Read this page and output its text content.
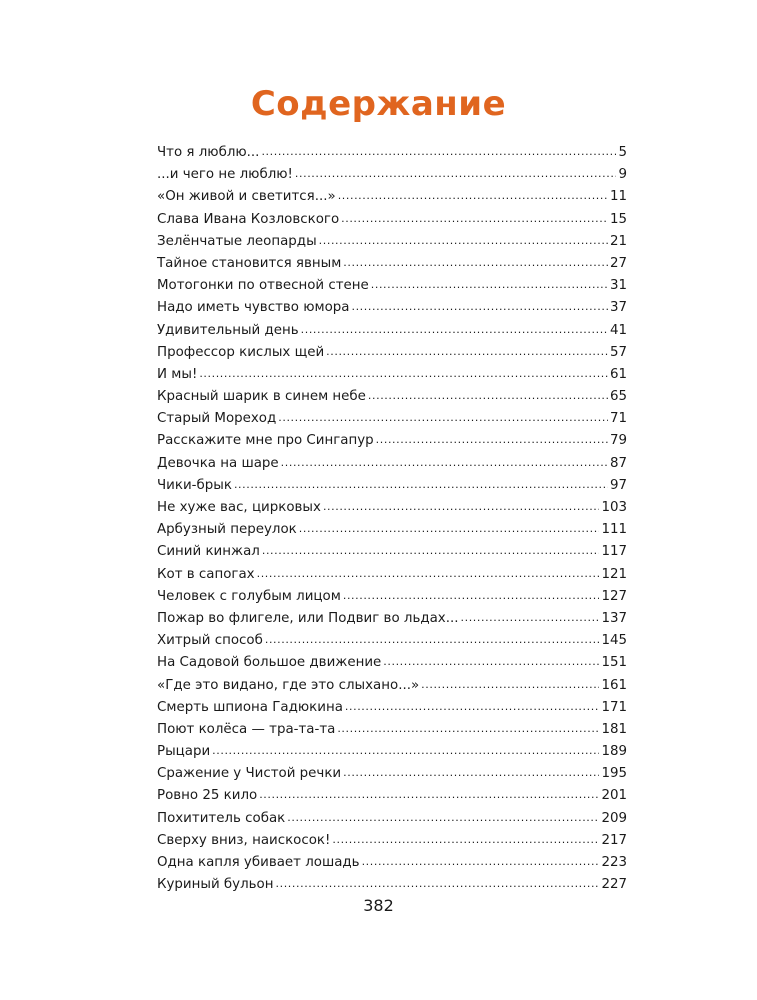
Содержание
Что я люблю... .....	5
...и чего не люблю! .....	9
«Он живой и светится...» .....	11
Слава Ивана Козловского .....	15
Зелёнчатые леопарды .....	21
Тайное становится явным .....	27
Мотогонки по отвесной стене .....	31
Надо иметь чувство юмора .....	37
Удивительный день .....	41
Профессор кислых щей .....	57
И мы! .....	61
Красный шарик в синем небе .....	65
Старый Мореход .....	71
Расскажите мне про Сингапур .....	79
Девочка на шаре .....	87
Чики-брык .....	97
Не хуже вас, цирковых .....	103
Арбузный переулок .....	111
Синий кинжал .....	117
Кот в сапогах .....	121
Человек с голубым лицом .....	127
Пожар во флигеле, или Подвиг во льдах... .....	137
Хитрый способ .....	145
На Садовой большое движение .....	151
«Где это видано, где это слыхано...» .....	161
Смерть шпиона Гадюкина .....	171
Поют колёса — тра-та-та .....	181
Рыцари .....	189
Сражение у Чистой речки .....	195
Ровно 25 кило .....	201
Похититель собак .....	209
Сверху вниз, наискосок! .....	217
Одна капля убивает лошадь .....	223
Куриный бульон .....	227
382
